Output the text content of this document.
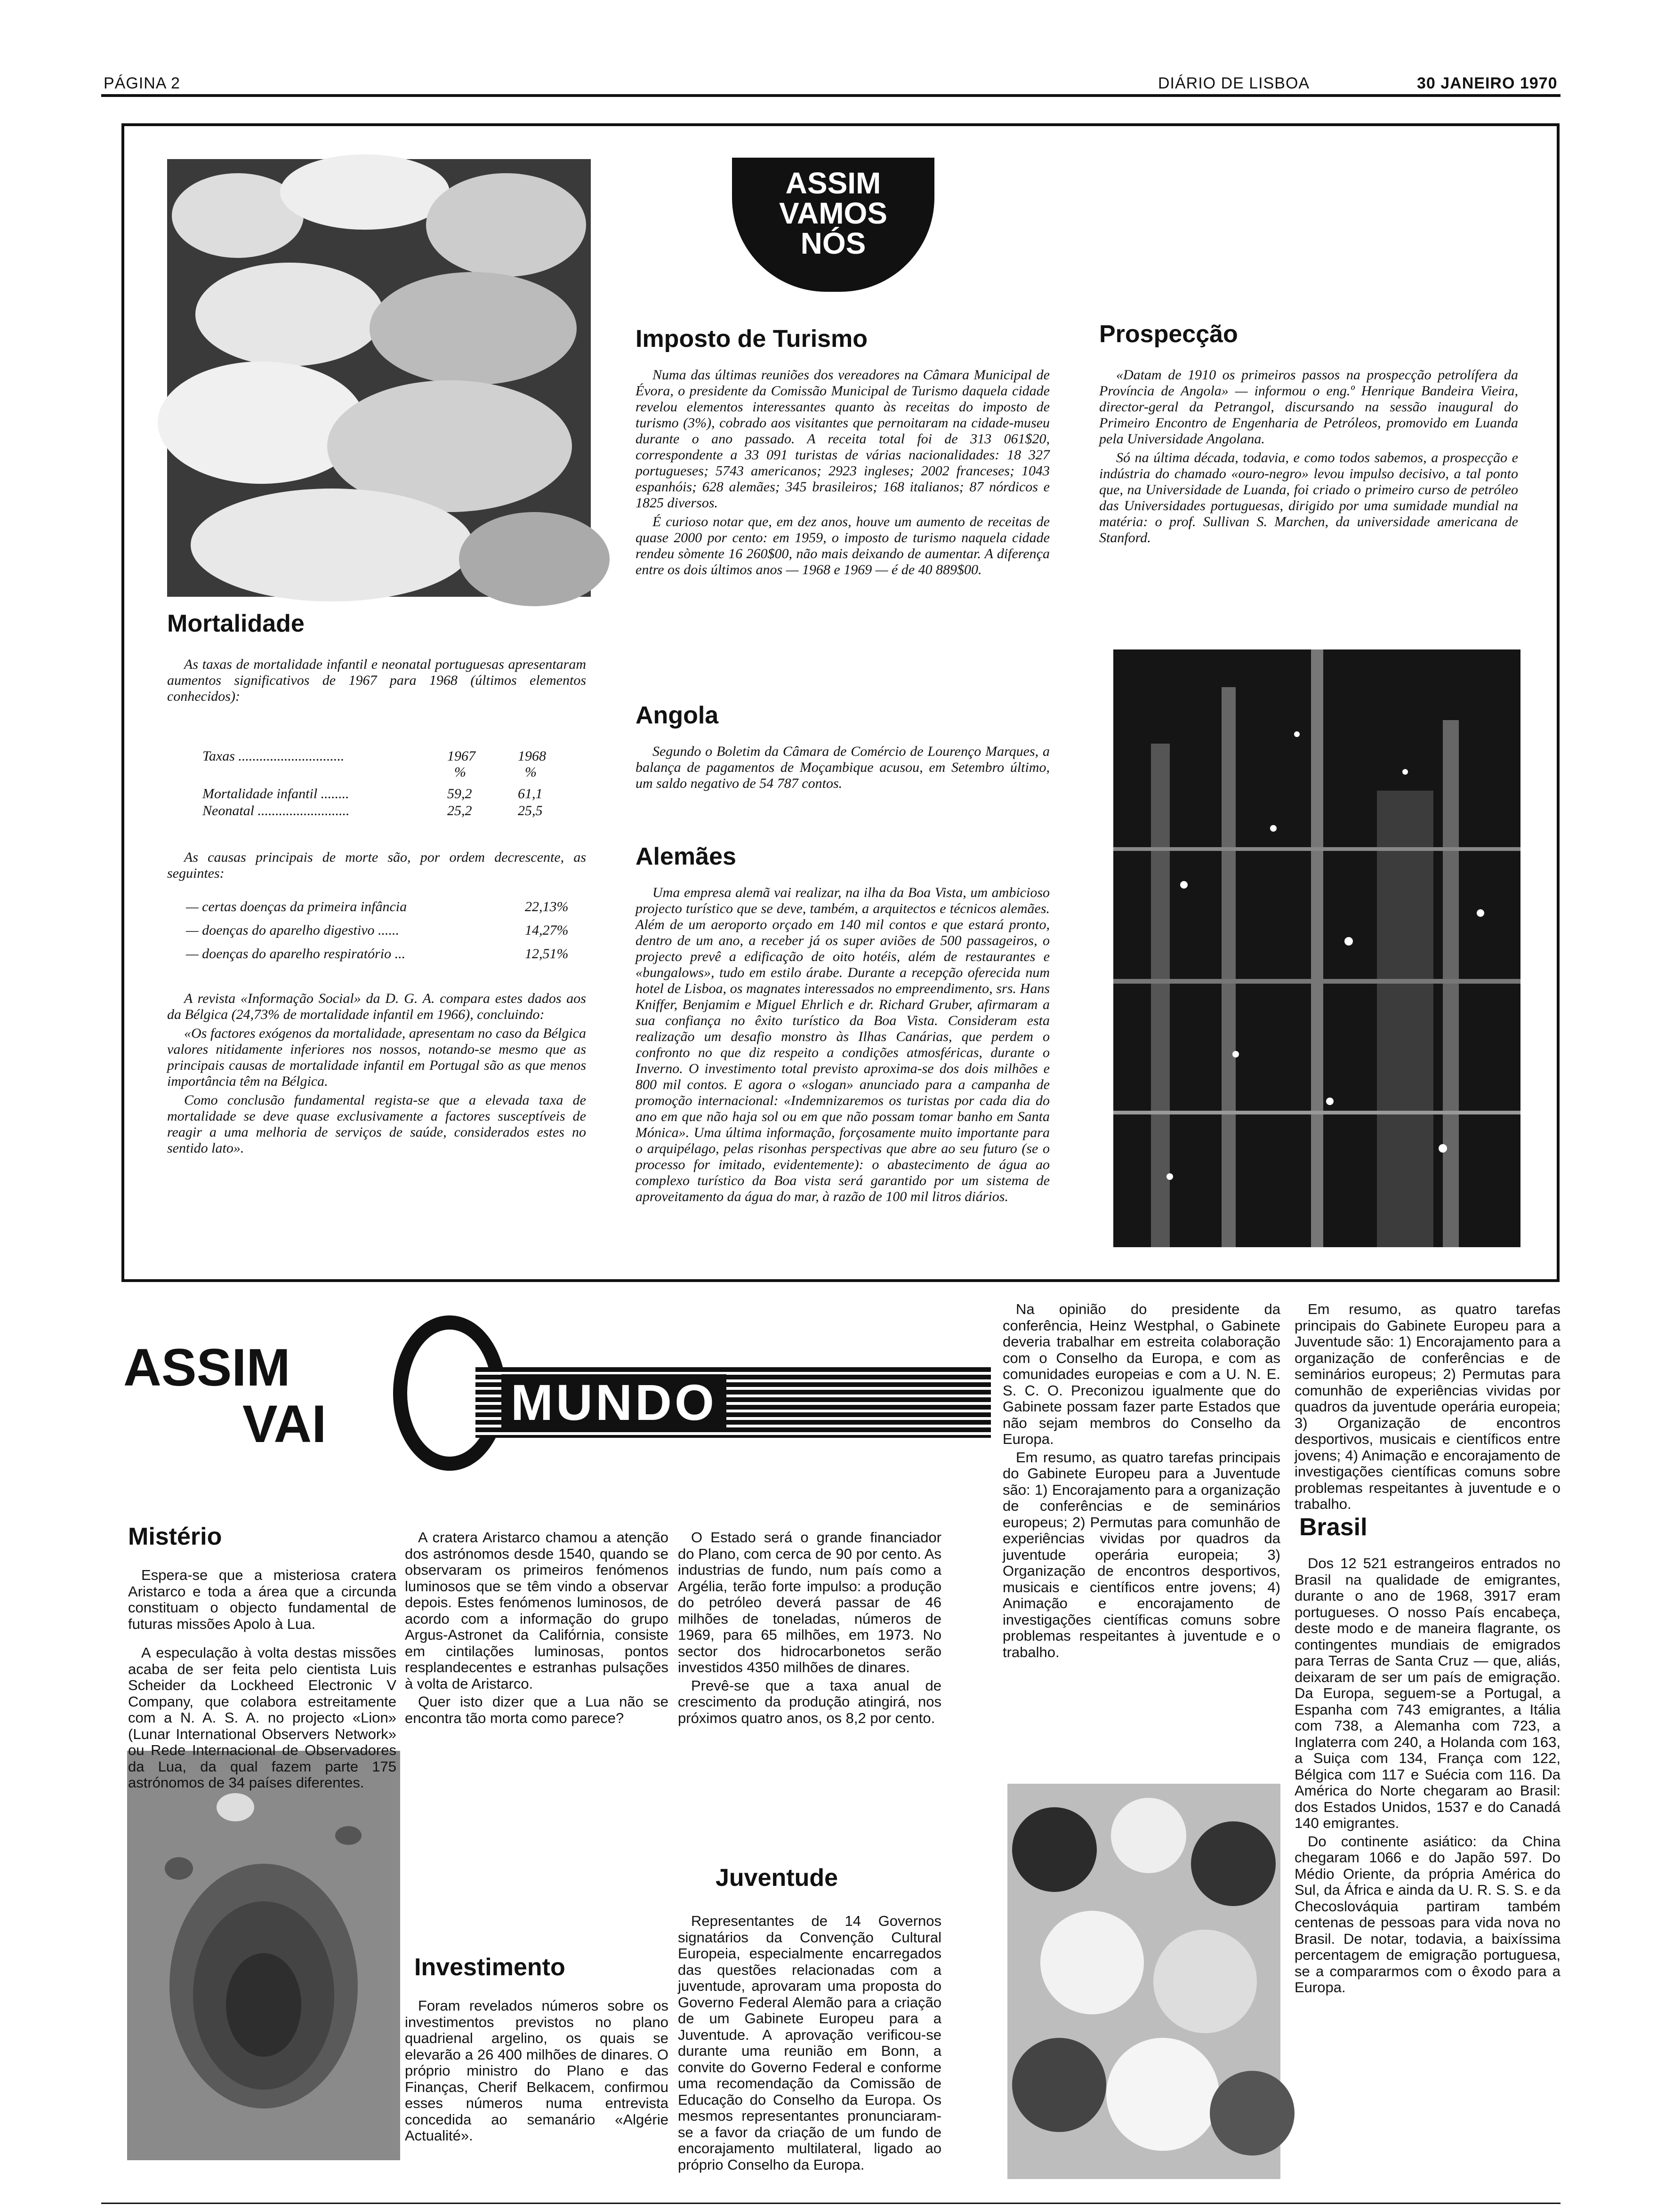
PÁGINA 2	DIÁRIO DE LISBOA	30 JANEIRO 1970
Mortalidade

As taxas de mortalidade infantil e neonatal portuguesas apresentaram aumentos significativos de 1967 para 1968 (últimos elementos conhecidos):

Taxas ..............................	1967	1968
%	%
Mortalidade infantil ........	59,2	61,1
Neonatal ..........................	25,2	25,5

As causas principais de morte são, por ordem decrescente, as seguintes:

— certas doenças da primeira infância	22,13%
— doenças do aparelho digestivo ......	14,27%
— doenças do aparelho respiratório ...	12,51%

A revista «Informação Social» da D. G. A. compara estes dados aos da Bélgica (24,73% de mortalidade infantil em 1966), concluindo:

«Os factores exógenos da mortalidade, apresentam no caso da Bélgica valores nitidamente inferiores nos nossos, notando-se mesmo que as principais causas de mortalidade infantil em Portugal são as que menos importância têm na Bélgica.

Como conclusão fundamental regista-se que a elevada taxa de mortalidade se deve quase exclusivamente a factores susceptíveis de reagir a uma melhoria de serviços de saúde, considerados estes no sentido lato».

ASSIM
VAMOS
NÓS
Imposto de Turismo

Numa das últimas reuniões dos vereadores na Câmara Municipal de Évora, o presidente da Comissão Municipal de Turismo daquela cidade revelou elementos interessantes quanto às receitas do imposto de turismo (3%), cobrado aos visitantes que pernoitaram na cidade-museu durante o ano passado. A receita total foi de 313 061$20, correspondente a 33 091 turistas de várias nacionalidades: 18 327 portugueses; 5743 americanos; 2923 ingleses; 2002 franceses; 1043 espanhóis; 628 alemães; 345 brasileiros; 168 italianos; 87 nórdicos e 1825 diversos.

É curioso notar que, em dez anos, houve um aumento de receitas de quase 2000 por cento: em 1959, o imposto de turismo naquela cidade rendeu sòmente 16 260$00, não mais deixando de aumentar. A diferença entre os dois últimos anos — 1968 e 1969 — é de 40 889$00.

Angola

Segundo o Boletim da Câmara de Comércio de Lourenço Marques, a balança de pagamentos de Moçambique acusou, em Setembro último, um saldo negativo de 54 787 contos.

Alemães

Uma empresa alemã vai realizar, na ilha da Boa Vista, um ambicioso projecto turístico que se deve, também, a arquitectos e técnicos alemães. Além de um aeroporto orçado em 140 mil contos e que estará pronto, dentro de um ano, a receber já os super aviões de 500 passageiros, o projecto prevê a edificação de oito hotéis, além de restaurantes e «bungalows», tudo em estilo árabe. Durante a recepção oferecida num hotel de Lisboa, os magnates interessados no empreendimento, srs. Hans Kniffer, Benjamim e Miguel Ehrlich e dr. Richard Gruber, afirmaram a sua confiança no êxito turístico da Boa Vista. Consideram esta realização um desafio monstro às Ilhas Canárias, que perdem o confronto no que diz respeito a condições atmosféricas, durante o Inverno. O investimento total previsto aproxima-se dos dois milhões e 800 mil contos. E agora o «slogan» anunciado para a campanha de promoção internacional: «Indemnizaremos os turistas por cada dia do ano em que não haja sol ou em que não possam tomar banho em Santa Mónica». Uma última informação, forçosamente muito importante para o arquipélago, pelas risonhas perspectivas que abre ao seu futuro (se o processo for imitado, evidentemente): o abastecimento de água ao complexo turístico da Boa vista será garantido por um sistema de aproveitamento da água do mar, à razão de 100 mil litros diários.

Prospecção

«Datam de 1910 os primeiros passos na prospecção petrolífera da Província de Angola» — informou o eng.º Henrique Bandeira Vieira, director-geral da Petrangol, discursando na sessão inaugural do Primeiro Encontro de Engenharia de Petróleos, promovido em Luanda pela Universidade Angolana.

Só na última década, todavia, e como todos sabemos, a prospecção e indústria do chamado «ouro-negro» levou impulso decisivo, a tal ponto que, na Universidade de Luanda, foi criado o primeiro curso de petróleo das Universidades portuguesas, dirigido por uma sumidade mundial na matéria: o prof. Sullivan S. Marchen, da universidade americana de Stanford.

ASSIM
VAI	MUNDO
Mistério

Espera-se que a misteriosa cratera Aristarco e toda a área que a circunda constituam o objecto fundamental de futuras missões Apolo à Lua.

A especulação à volta destas missões acaba de ser feita pelo cientista Luis Scheider da Lockheed Electronic V Company, que colabora estreitamente com a N. A. S. A. no projecto «Lion» (Lunar International Observers Network» ou Rede Internacional de Observadores da Lua, da qual fazem parte 175 astrónomos de 34 países diferentes.

A cratera Aristarco chamou a atenção dos astrónomos desde 1540, quando se observaram os primeiros fenómenos luminosos que se têm vindo a observar depois. Estes fenómenos luminosos, de acordo com a informação do grupo Argus-Astronet da Califórnia, consiste em cintilações luminosas, pontos resplandecentes e estranhas pulsações à volta de Aristarco.

Quer isto dizer que a Lua não se encontra tão morta como parece?

Investimento

Foram revelados números sobre os investimentos previstos no plano quadrienal argelino, os quais se elevarão a 26 400 milhões de dinares. O próprio ministro do Plano e das Finanças, Cherif Belkacem, confirmou esses números numa entrevista concedida ao semanário «Algérie Actualité».

O Estado será o grande financiador do Plano, com cerca de 90 por cento. As industrias de fundo, num país como a Argélia, terão forte impulso: a produção do petróleo deverá passar de 46 milhões de toneladas, números de 1969, para 65 milhões, em 1973. No sector dos hidrocarbonetos serão investidos 4350 milhões de dinares.

Prevê-se que a taxa anual de crescimento da produção atingirá, nos próximos quatro anos, os 8,2 por cento.

Juventude

Representantes de 14 Governos signatários da Convenção Cultural Europeia, especialmente encarregados das questões relacionadas com a juventude, aprovaram uma proposta do Governo Federal Alemão para a criação de um Gabinete Europeu para a Juventude. A aprovação verificou-se durante uma reunião em Bonn, a convite do Governo Federal e conforme uma recomendação da Comissão de Educação do Conselho da Europa. Os mesmos representantes pronunciaram-se a favor da criação de um fundo de encorajamento multilateral, ligado ao próprio Conselho da Europa.

Na opinião do presidente da conferência, Heinz Westphal, o Gabinete deveria trabalhar em estreita colaboração com o Conselho da Europa, e com as comunidades europeias e com a U. N. E. S. C. O. Preconizou igualmente que do Gabinete possam fazer parte Estados que não sejam membros do Conselho da Europa.

Em resumo, as quatro tarefas principais do Gabinete Europeu para a Juventude são: 1) Encorajamento para a organização de conferências e de seminários europeus; 2) Permutas para comunhão de experiências vividas por quadros da juventude operária europeia; 3) Organização de encontros desportivos, musicais e científicos entre jovens; 4) Animação e encorajamento de investigações científicas comuns sobre problemas respeitantes à juventude e o trabalho.

Em resumo, as quatro tarefas principais do Gabinete Europeu para a Juventude são: 1) Encorajamento para a organização de conferências e de seminários europeus; 2) Permutas para comunhão de experiências vividas por quadros da juventude operária europeia; 3) Organização de encontros desportivos, musicais e científicos entre jovens; 4) Animação e encorajamento de investigações científicas comuns sobre problemas respeitantes à juventude e o trabalho.

Brasil

Dos 12 521 estrangeiros entrados no Brasil na qualidade de emigrantes, durante o ano de 1968, 3917 eram portugueses. O nosso País encabeça, deste modo e de maneira flagrante, os contingentes mundiais de emigrados para Terras de Santa Cruz — que, aliás, deixaram de ser um país de emigração. Da Europa, seguem-se a Portugal, a Espanha com 743 emigrantes, a Itália com 738, a Alemanha com 723, a Inglaterra com 240, a Holanda com 163, a Suiça com 134, França com 122, Bélgica com 117 e Suécia com 116. Da América do Norte chegaram ao Brasil: dos Estados Unidos, 1537 e do Canadá 140 emigrantes.

Do continente asiático: da China chegaram 1066 e do Japão 597. Do Médio Oriente, da própria América do Sul, da África e ainda da U. R. S. S. e da Checoslováquia partiram também centenas de pessoas para vida nova no Brasil. De notar, todavia, a baixíssima percentagem de emigração portuguesa, se a compararmos com o êxodo para a Europa.
